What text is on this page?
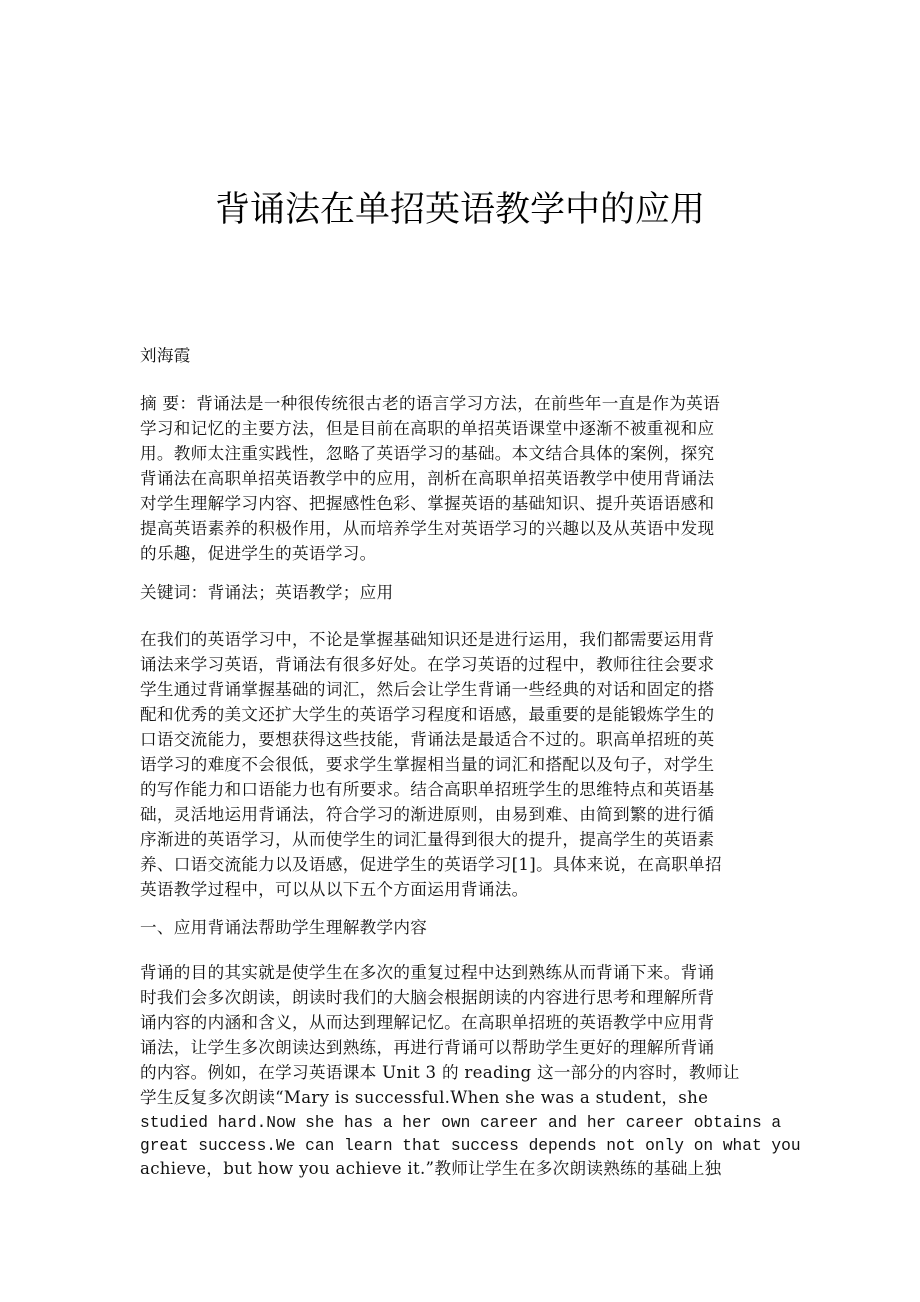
背诵法在单招英语教学中的应用
刘海霞
摘 要：背诵法是一种很传统很古老的语言学习方法，在前些年一直是作为英语
学习和记忆的主要方法，但是目前在高职的单招英语课堂中逐渐不被重视和应
用。教师太注重实践性，忽略了英语学习的基础。本文结合具体的案例，探究
背诵法在高职单招英语教学中的应用，剖析在高职单招英语教学中使用背诵法
对学生理解学习内容、把握感性色彩、掌握英语的基础知识、提升英语语感和
提高英语素养的积极作用，从而培养学生对英语学习的兴趣以及从英语中发现
的乐趣，促进学生的英语学习。
关键词：背诵法；英语教学；应用
在我们的英语学习中，不论是掌握基础知识还是进行运用，我们都需要运用背
诵法来学习英语，背诵法有很多好处。在学习英语的过程中，教师往往会要求
学生通过背诵掌握基础的词汇，然后会让学生背诵一些经典的对话和固定的搭
配和优秀的美文还扩大学生的英语学习程度和语感，最重要的是能锻炼学生的
口语交流能力，要想获得这些技能，背诵法是最适合不过的。职高单招班的英
语学习的难度不会很低，要求学生掌握相当量的词汇和搭配以及句子，对学生
的写作能力和口语能力也有所要求。结合高职单招班学生的思维特点和英语基
础，灵活地运用背诵法，符合学习的渐进原则，由易到难、由简到繁的进行循
序渐进的英语学习，从而使学生的词汇量得到很大的提升，提高学生的英语素
养、口语交流能力以及语感，促进学生的英语学习[1]。具体来说，在高职单招
英语教学过程中，可以从以下五个方面运用背诵法。
一、应用背诵法帮助学生理解教学内容
背诵的目的其实就是使学生在多次的重复过程中达到熟练从而背诵下来。背诵
时我们会多次朗读，朗读时我们的大脑会根据朗读的内容进行思考和理解所背
诵内容的内涵和含义，从而达到理解记忆。在高职单招班的英语教学中应用背
诵法，让学生多次朗读达到熟练，再进行背诵可以帮助学生更好的理解所背诵
的内容。例如，在学习英语课本 Unit 3 的 reading 这一部分的内容时，教师让
学生反复多次朗读“Mary is successful.When she was a student，she
studied hard.Now she has a her own career and her career obtains a
great success.We can learn that success depends not only on what you
achieve，but how you achieve it.”教师让学生在多次朗读熟练的基础上独
